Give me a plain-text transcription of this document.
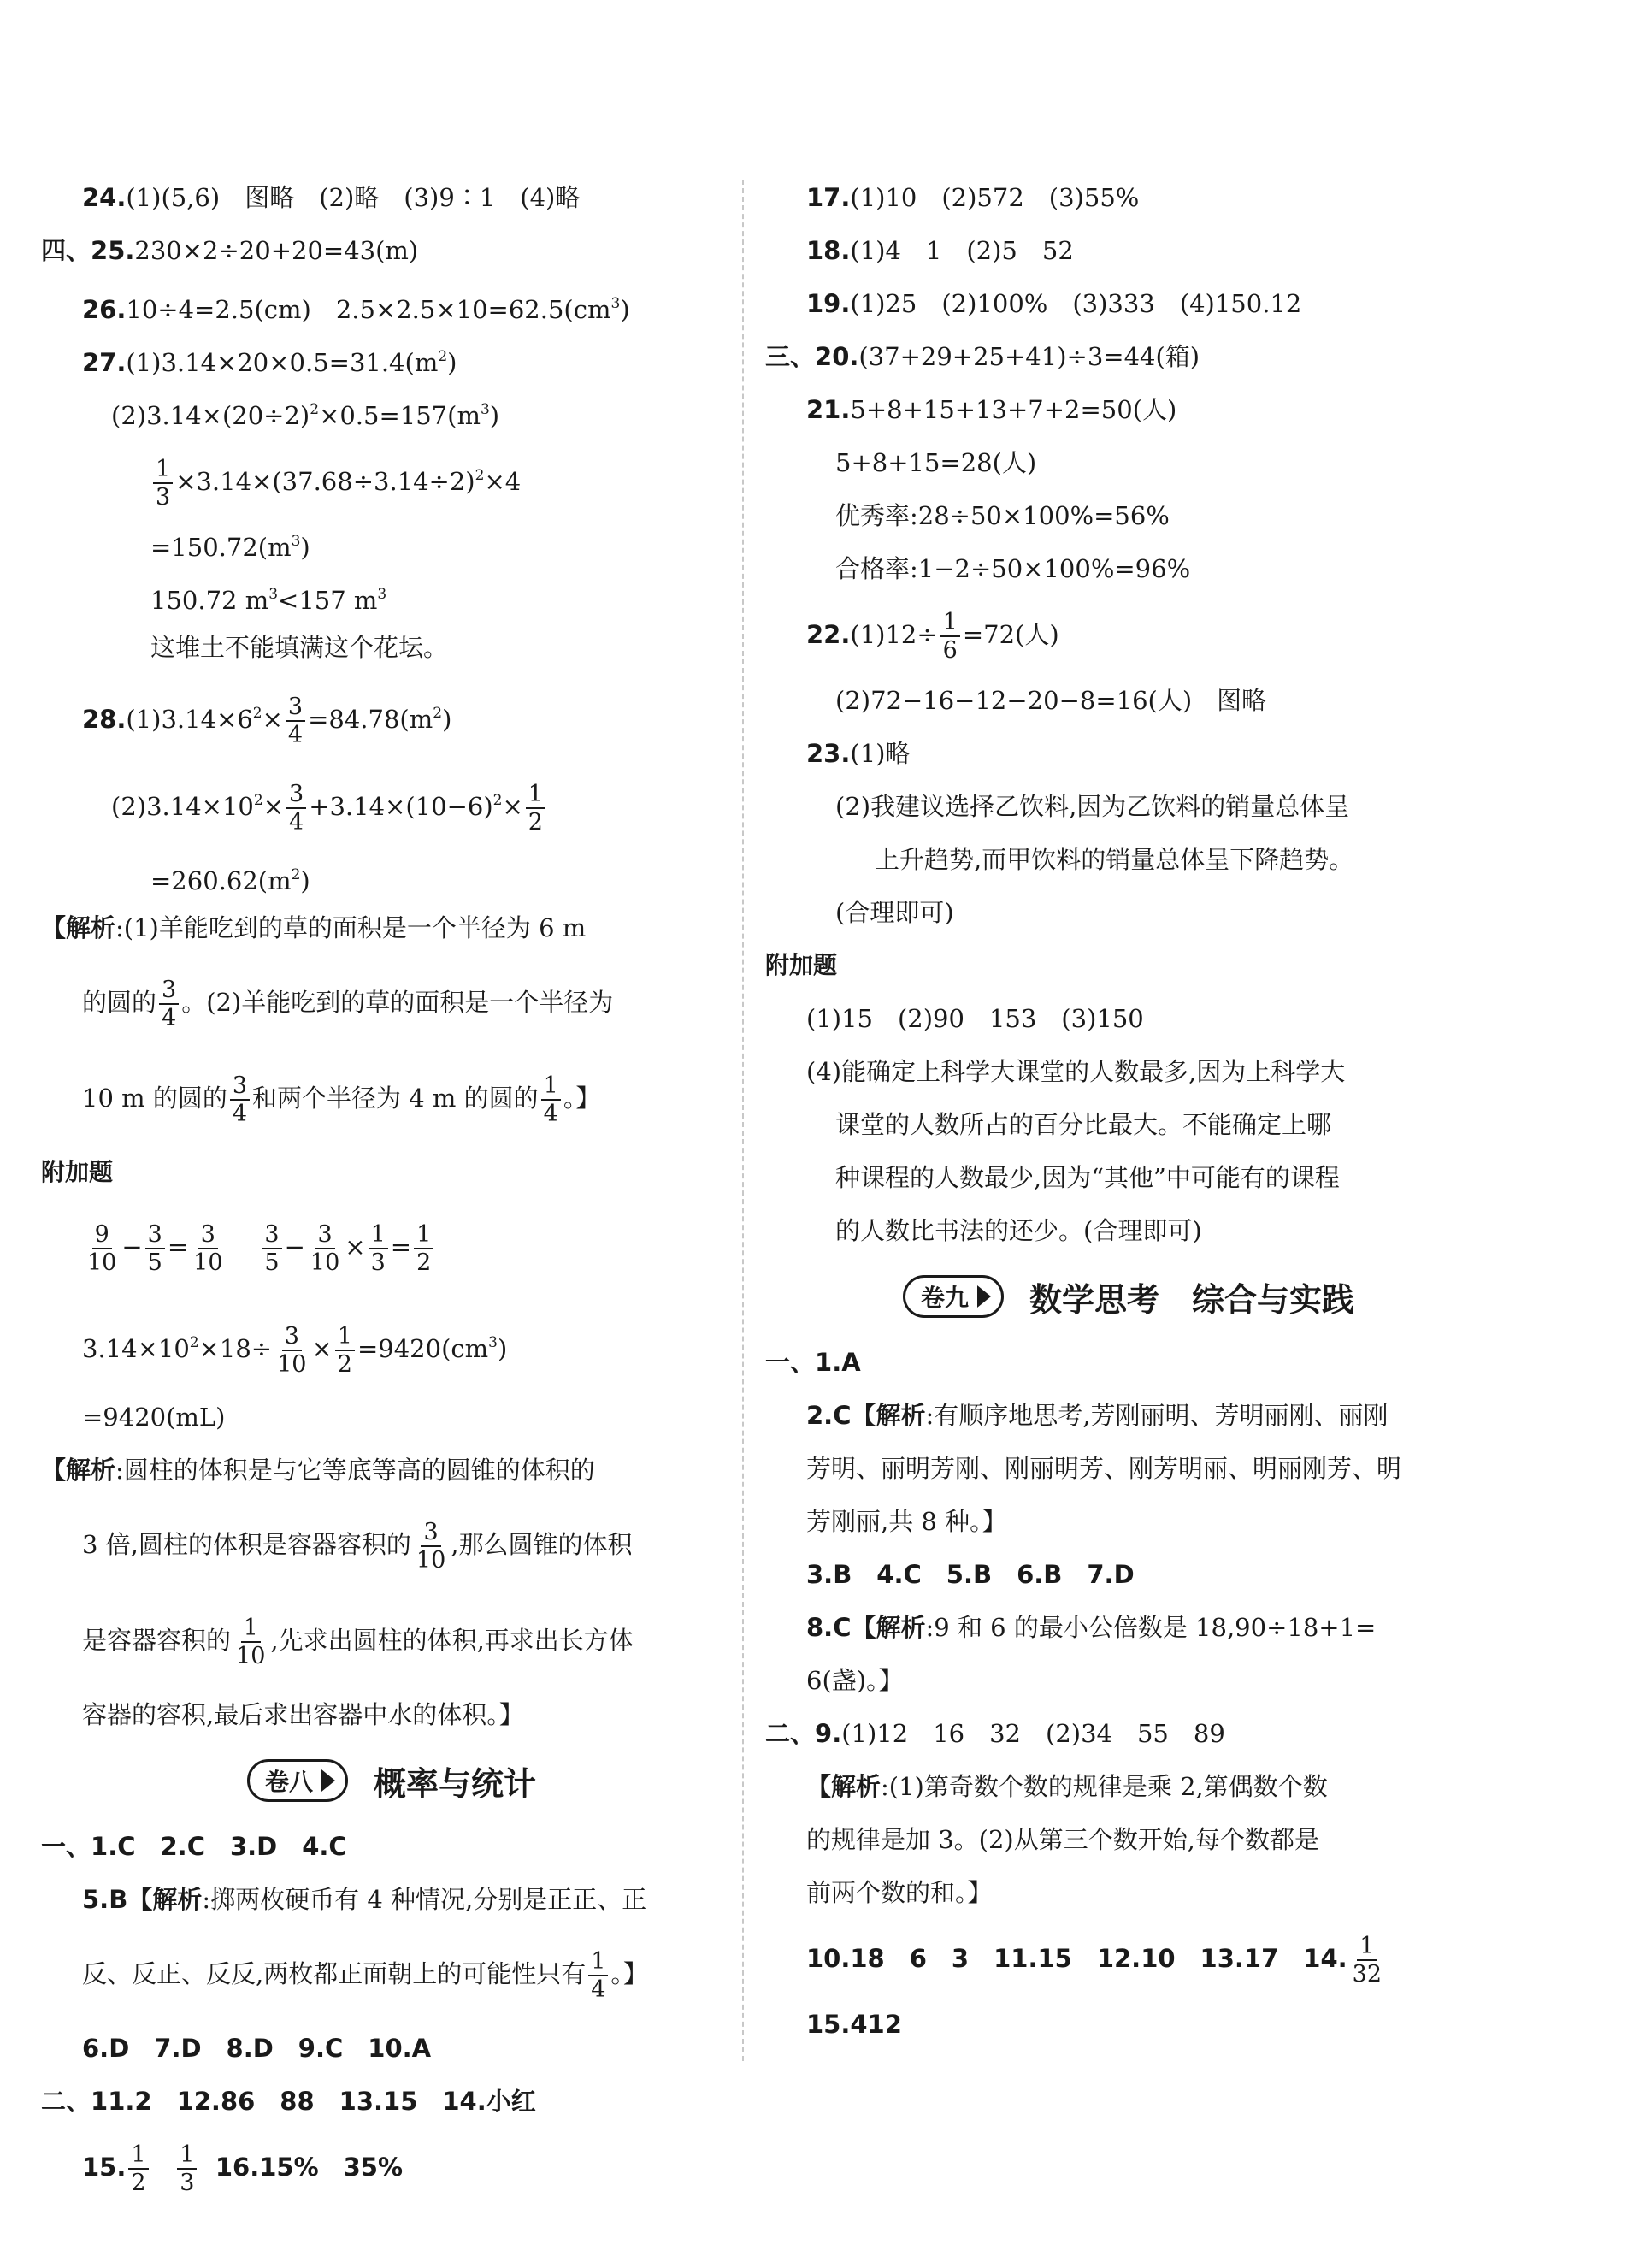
24.(1)(5,6)　图略　(2)略　(3)9∶1　(4)略
四、25.230×2÷20+20=43(m)
26.10÷4=2.5(cm)　$2.5\times 2.5\times 10=62.5(cm^3)$
$27.(1)3.14\times 20\times 0.5=31.4(m^2)$
$(2)3.14\times(20\div 2)^2\times 0.5=157(m^3)$
$\frac{1}{3} \times 3.14\times(37.68\div 3.14\div 2)^2\times 4$
$=150.72(m^3)$
150.72 $m^3<157$ $m^3$
这堆土不能填满这个花坛。
$28.(1)3.14\times 6^2\times \frac{3}{4} =84.78(m^2)$
$(2)3.14\times 10^2\times \frac{3}{4} +3.14\times(10-6)^2\times \frac{1}{2}$
$=260.62(m^2)$
【解析:(1)羊能吃到的草的面积是一个半径为 6 m
的圆的 $\frac{3}{4}$ 。(2)羊能吃到的草的面积是一个半径为
10 m 的圆的 $\frac{3}{4}$ 和两个半径为 4 m 的圆的 $\frac{1}{4}$ 。】
附加题
$\frac{9}{10} - \frac{3}{5} = \frac{3}{10}$
$\frac{3}{5} - \frac{3}{10} \times \frac{1}{3} = \frac{1}{2}$
$3.14\times 10^2\times 18\div \frac{3}{10} \times \frac{1}{2} =9420(cm^3)$
=9420(mL)
【解析:圆柱的体积是与它等底等高的圆锥的体积的
3 倍,圆柱的体积是容器容积的 $\frac{3}{10}$ ,那么圆锥的体积
是容器容积的 $\frac{1}{10}$ ,先求出圆柱的体积,再求出长方体
容器的容积,最后求出容器中水的体积。】
卷八 概率与统计
一、1.C　2.C　3.D　4.C
5.B【解析:掷两枚硬币有 4 种情况,分别是正正、正
反、反正、反反,两枚都正面朝上的可能性只有 $\frac{1}{4}$ 。】
6.D　7.D　8.D　9.C　10.A
二、11.2　12.86　88　13.15　14.小红
15. $\frac{1}{2}$
$\frac{1}{3} 16.15\%$　35%
17.(1)10　(2)572　(3)55%
18.(1)4　1　(2)5　52
19.(1)25　(2)100%　(3)333　(4)150.12
三、20.(37+29+25+41)÷3=44(箱)
21.5+8+15+13+7+2=50(人)
5+8+15=28(人)
优秀率:28÷50×100%=56%
合格率:1−2÷50×100%=96%
$22.(1)12\div \frac{1}{6} =72$(人)
(2)72−16−12−20−8=16(人)　图略
23.(1)略
(2)我建议选择乙饮料,因为乙饮料的销量总体呈
上升趋势,而甲饮料的销量总体呈下降趋势。
(合理即可)
附加题
(1)15　(2)90　153　(3)150
(4)能确定上科学大课堂的人数最多,因为上科学大
课堂的人数所占的百分比最大。不能确定上哪
种课程的人数最少,因为“其他”中可能有的课程
的人数比书法的还少。(合理即可)
卷九 数学思考　综合与实践
一、1.A
2.C【解析:有顺序地思考,芳刚丽明、芳明丽刚、丽刚
芳明、丽明芳刚、刚丽明芳、刚芳明丽、明丽刚芳、明
芳刚丽,共 8 种。】
3.B　4.C　5.B　6.B　7.D
8.C【解析:9 和 6 的最小公倍数是 18,90÷18+1=
6(盏)。】
二、9.(1)12　16　32　(2)34　55　89
【解析:(1)第奇数个数的规律是乘 2,第偶数个数
的规律是加 3。(2)从第三个数开始,每个数都是
前两个数的和。】
10.18　6　3　11.15　12.10　13.17　14. $\frac{1}{32}$
15.412
